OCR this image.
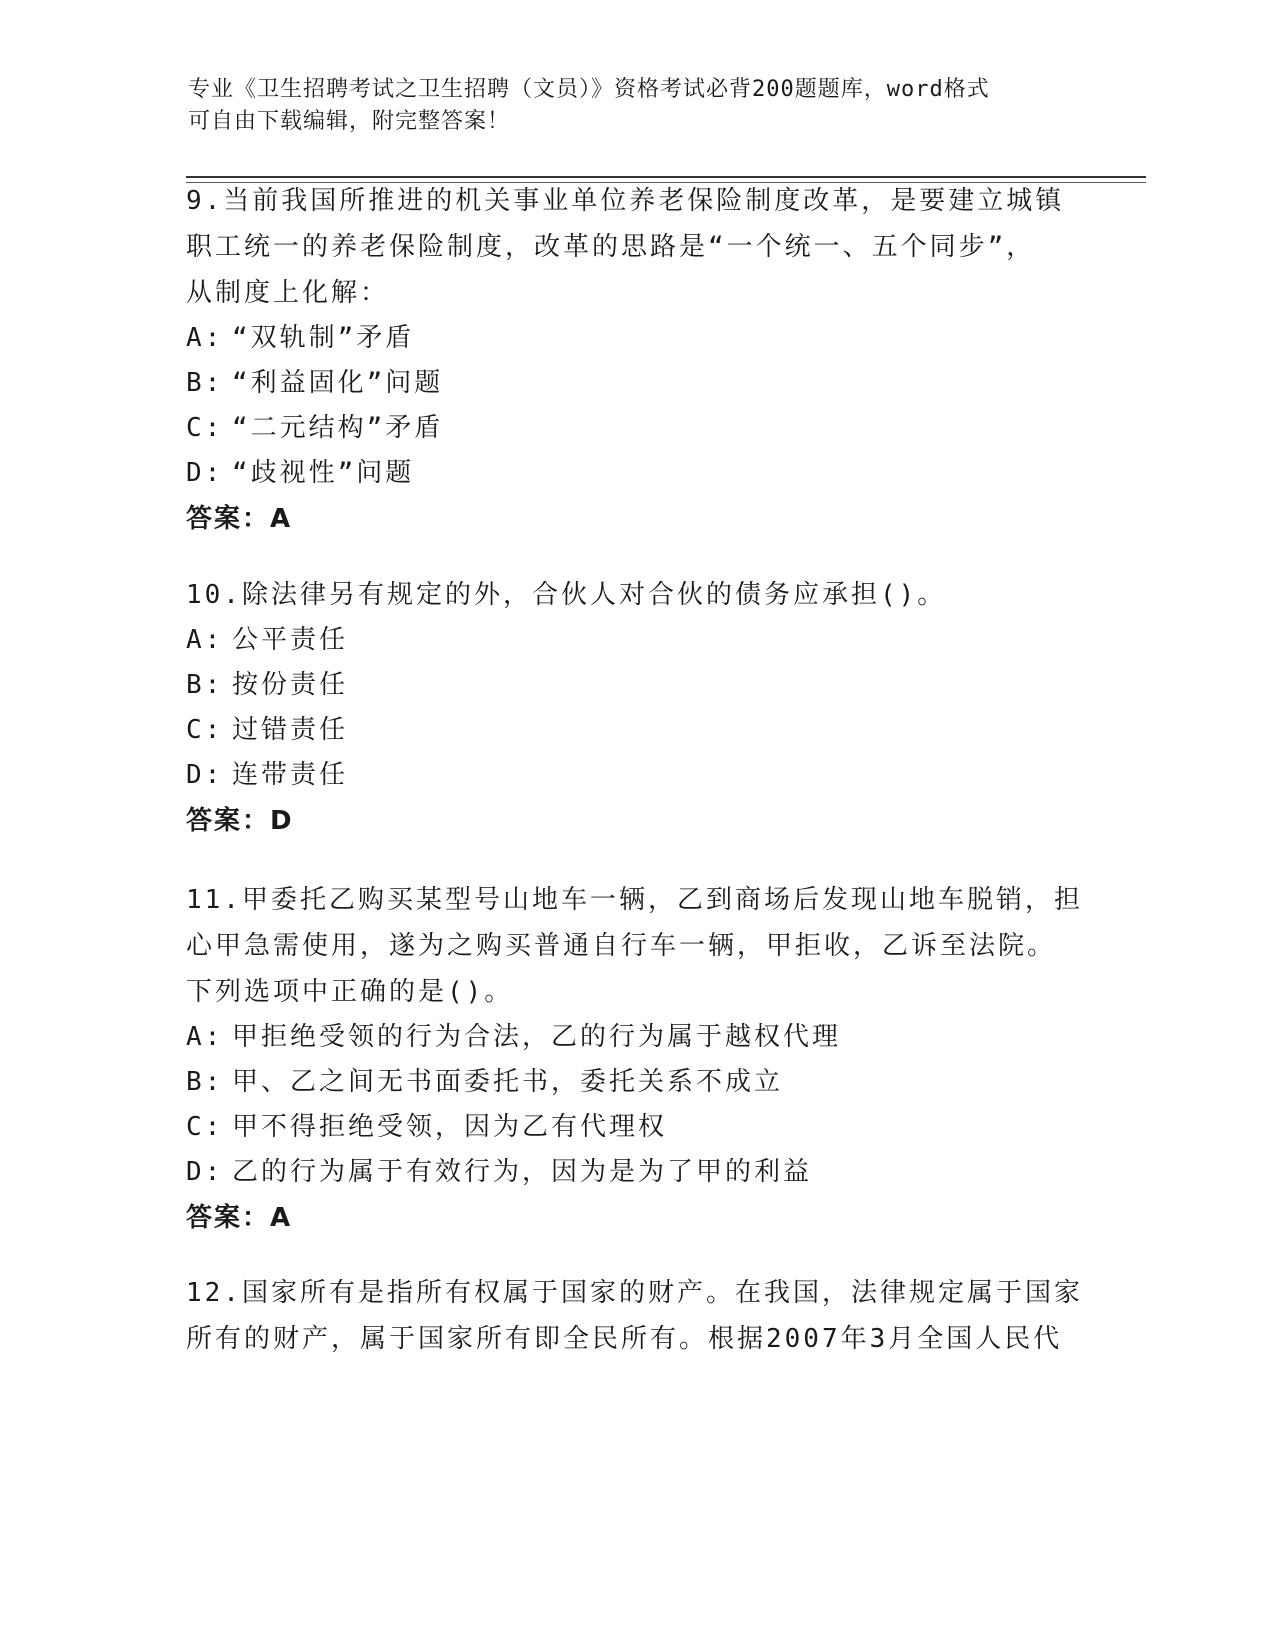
专业《卫生招聘考试之卫生招聘（文员）》资格考试必背200题题库，word格式
可自由下载编辑，附完整答案！
9.当前我国所推进的机关事业单位养老保险制度改革，是要建立城镇
职工统一的养老保险制度，改革的思路是“一个统一、五个同步”，
从制度上化解：
A: “双轨制”矛盾
B: “利益固化”问题
C: “二元结构”矛盾
D: “歧视性”问题
答案：A
10.除法律另有规定的外，合伙人对合伙的债务应承担()。
A: 公平责任
B: 按份责任
C: 过错责任
D: 连带责任
答案：D
11.甲委托乙购买某型号山地车一辆，乙到商场后发现山地车脱销，担
心甲急需使用，遂为之购买普通自行车一辆，甲拒收，乙诉至法院。
下列选项中正确的是()。
A: 甲拒绝受领的行为合法，乙的行为属于越权代理
B: 甲、乙之间无书面委托书，委托关系不成立
C: 甲不得拒绝受领，因为乙有代理权
D: 乙的行为属于有效行为，因为是为了甲的利益
答案：A
12.国家所有是指所有权属于国家的财产。在我国，法律规定属于国家
所有的财产，属于国家所有即全民所有。根据2007年3月全国人民代
